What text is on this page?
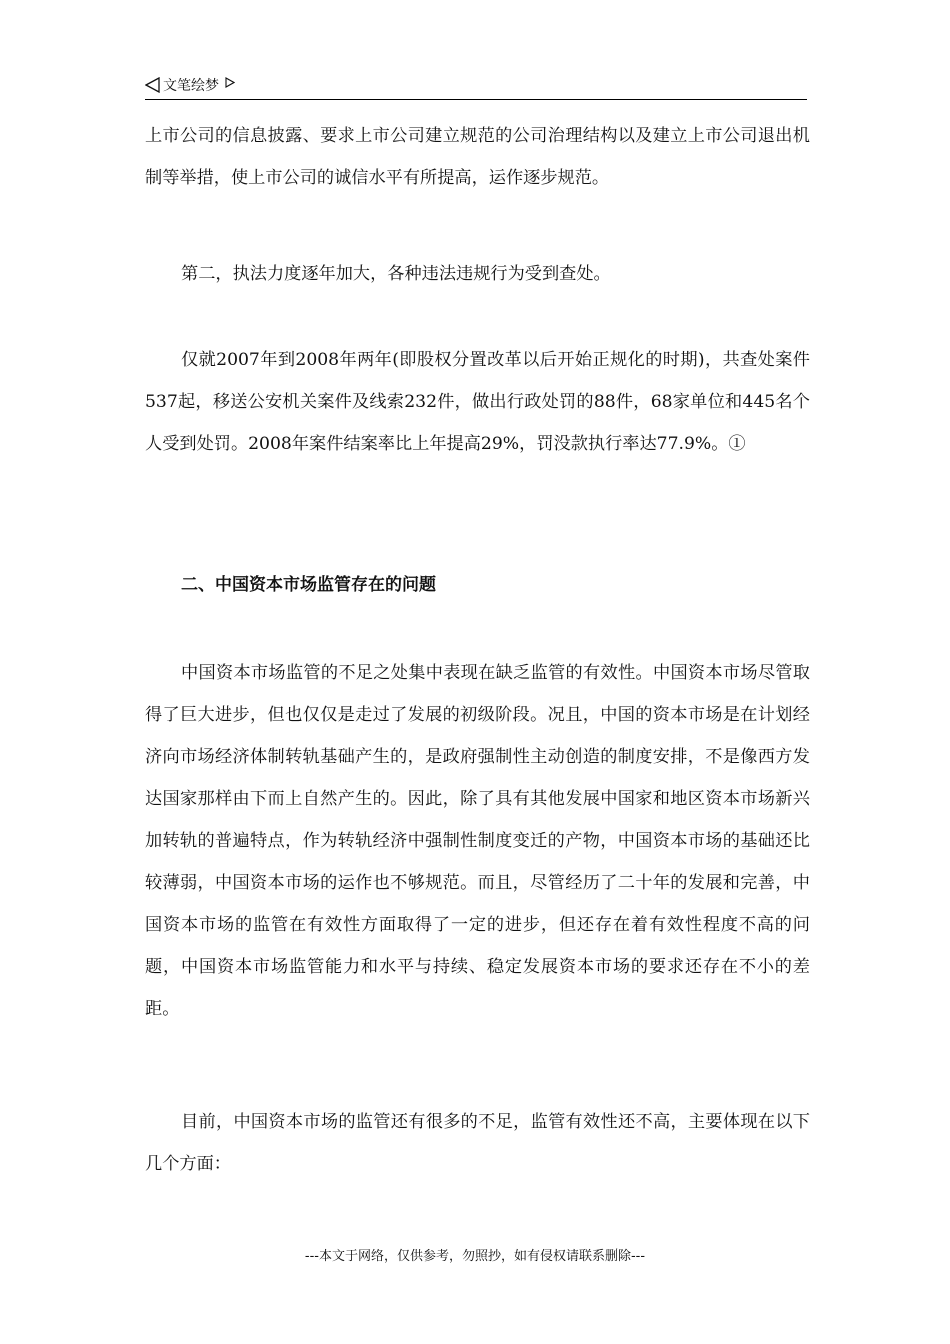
文笔绘梦

上市公司的信息披露、要求上市公司建立规范的公司治理结构以及建立上市公司退出机制等举措，使上市公司的诚信水平有所提高，运作逐步规范。

第二，执法力度逐年加大，各种违法违规行为受到查处。

仅就2007年到2008年两年(即股权分置改革以后开始正规化的时期)，共查处案件537起，移送公安机关案件及线索232件，做出行政处罚的88件，68家单位和445名个人受到处罚。2008年案件结案率比上年提高29%，罚没款执行率达77.9%。①

二、中国资本市场监管存在的问题

中国资本市场监管的不足之处集中表现在缺乏监管的有效性。中国资本市场尽管取得了巨大进步，但也仅仅是走过了发展的初级阶段。况且，中国的资本市场是在计划经济向市场经济体制转轨基础产生的，是政府强制性主动创造的制度安排，不是像西方发达国家那样由下而上自然产生的。因此，除了具有其他发展中国家和地区资本市场新兴加转轨的普遍特点，作为转轨经济中强制性制度变迁的产物，中国资本市场的基础还比较薄弱，中国资本市场的运作也不够规范。而且，尽管经历了二十年的发展和完善，中国资本市场的监管在有效性方面取得了一定的进步，但还存在着有效性程度不高的问题，中国资本市场监管能力和水平与持续、稳定发展资本市场的要求还存在不小的差距。

目前，中国资本市场的监管还有很多的不足，监管有效性还不高，主要体现在以下几个方面：

---本文于网络，仅供参考，勿照抄，如有侵权请联系删除---
